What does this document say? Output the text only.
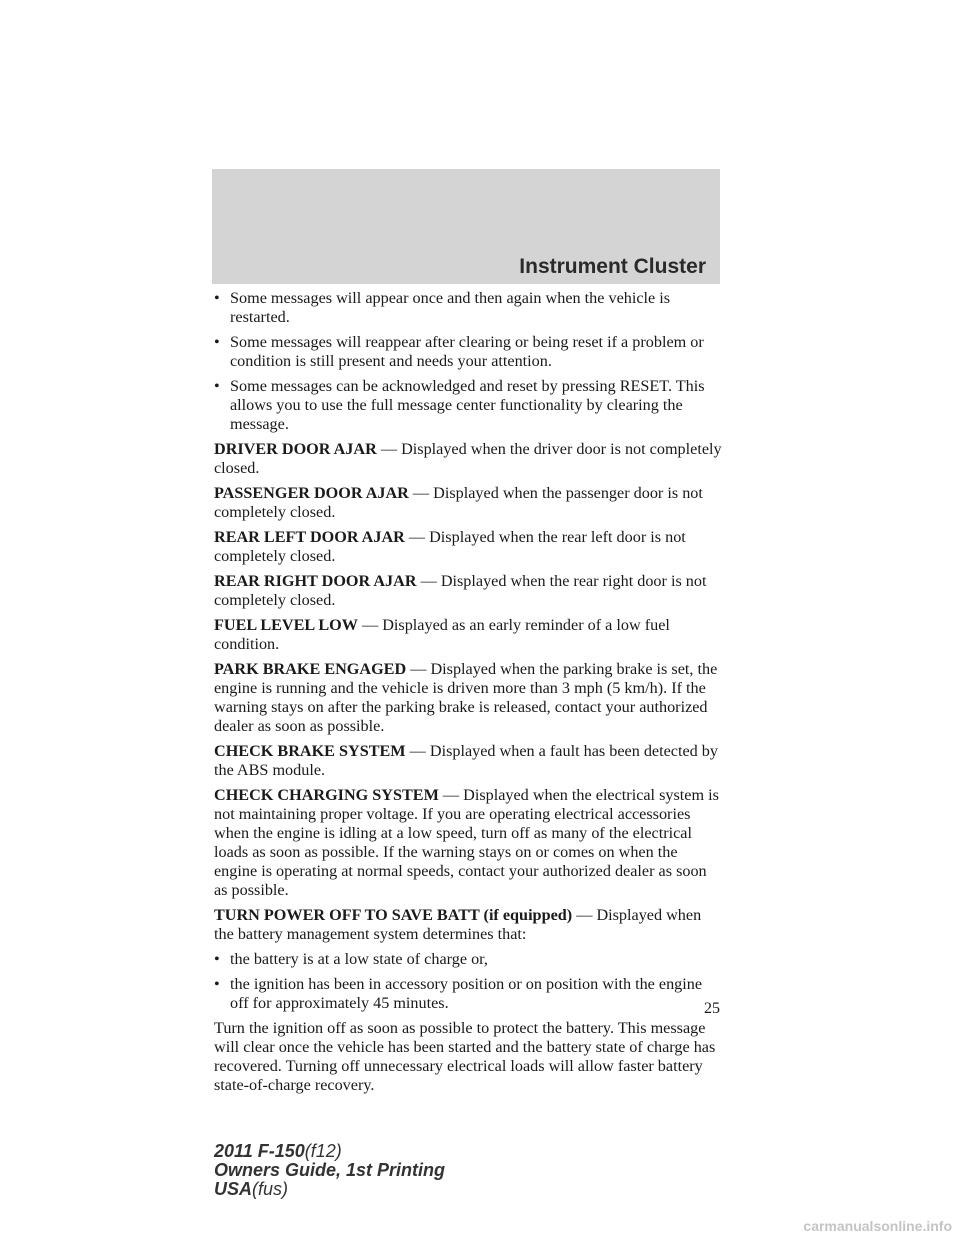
Instrument Cluster
• Some messages will appear once and then again when the vehicle is restarted.
• Some messages will reappear after clearing or being reset if a problem or condition is still present and needs your attention.
• Some messages can be acknowledged and reset by pressing RESET. This allows you to use the full message center functionality by clearing the message.

DRIVER DOOR AJAR — Displayed when the driver door is not completely closed.

PASSENGER DOOR AJAR — Displayed when the passenger door is not completely closed.

REAR LEFT DOOR AJAR — Displayed when the rear left door is not completely closed.

REAR RIGHT DOOR AJAR — Displayed when the rear right door is not completely closed.

FUEL LEVEL LOW — Displayed as an early reminder of a low fuel condition.

PARK BRAKE ENGAGED — Displayed when the parking brake is set, the engine is running and the vehicle is driven more than 3 mph (5 km/h). If the warning stays on after the parking brake is released, contact your authorized dealer as soon as possible.

CHECK BRAKE SYSTEM — Displayed when a fault has been detected by the ABS module.

CHECK CHARGING SYSTEM — Displayed when the electrical system is not maintaining proper voltage. If you are operating electrical accessories when the engine is idling at a low speed, turn off as many of the electrical loads as soon as possible. If the warning stays on or comes on when the engine is operating at normal speeds, contact your authorized dealer as soon as possible.

TURN POWER OFF TO SAVE BATT (if equipped) — Displayed when the battery management system determines that:

• the battery is at a low state of charge or,
• the ignition has been in accessory position or on position with the engine off for approximately 45 minutes.

Turn the ignition off as soon as possible to protect the battery. This message will clear once the vehicle has been started and the battery state of charge has recovered. Turning off unnecessary electrical loads will allow faster battery state-of-charge recovery.

25
2011 F-150(f12)
Owners Guide, 1st Printing
USA(fus)
carmanualsonline.info
